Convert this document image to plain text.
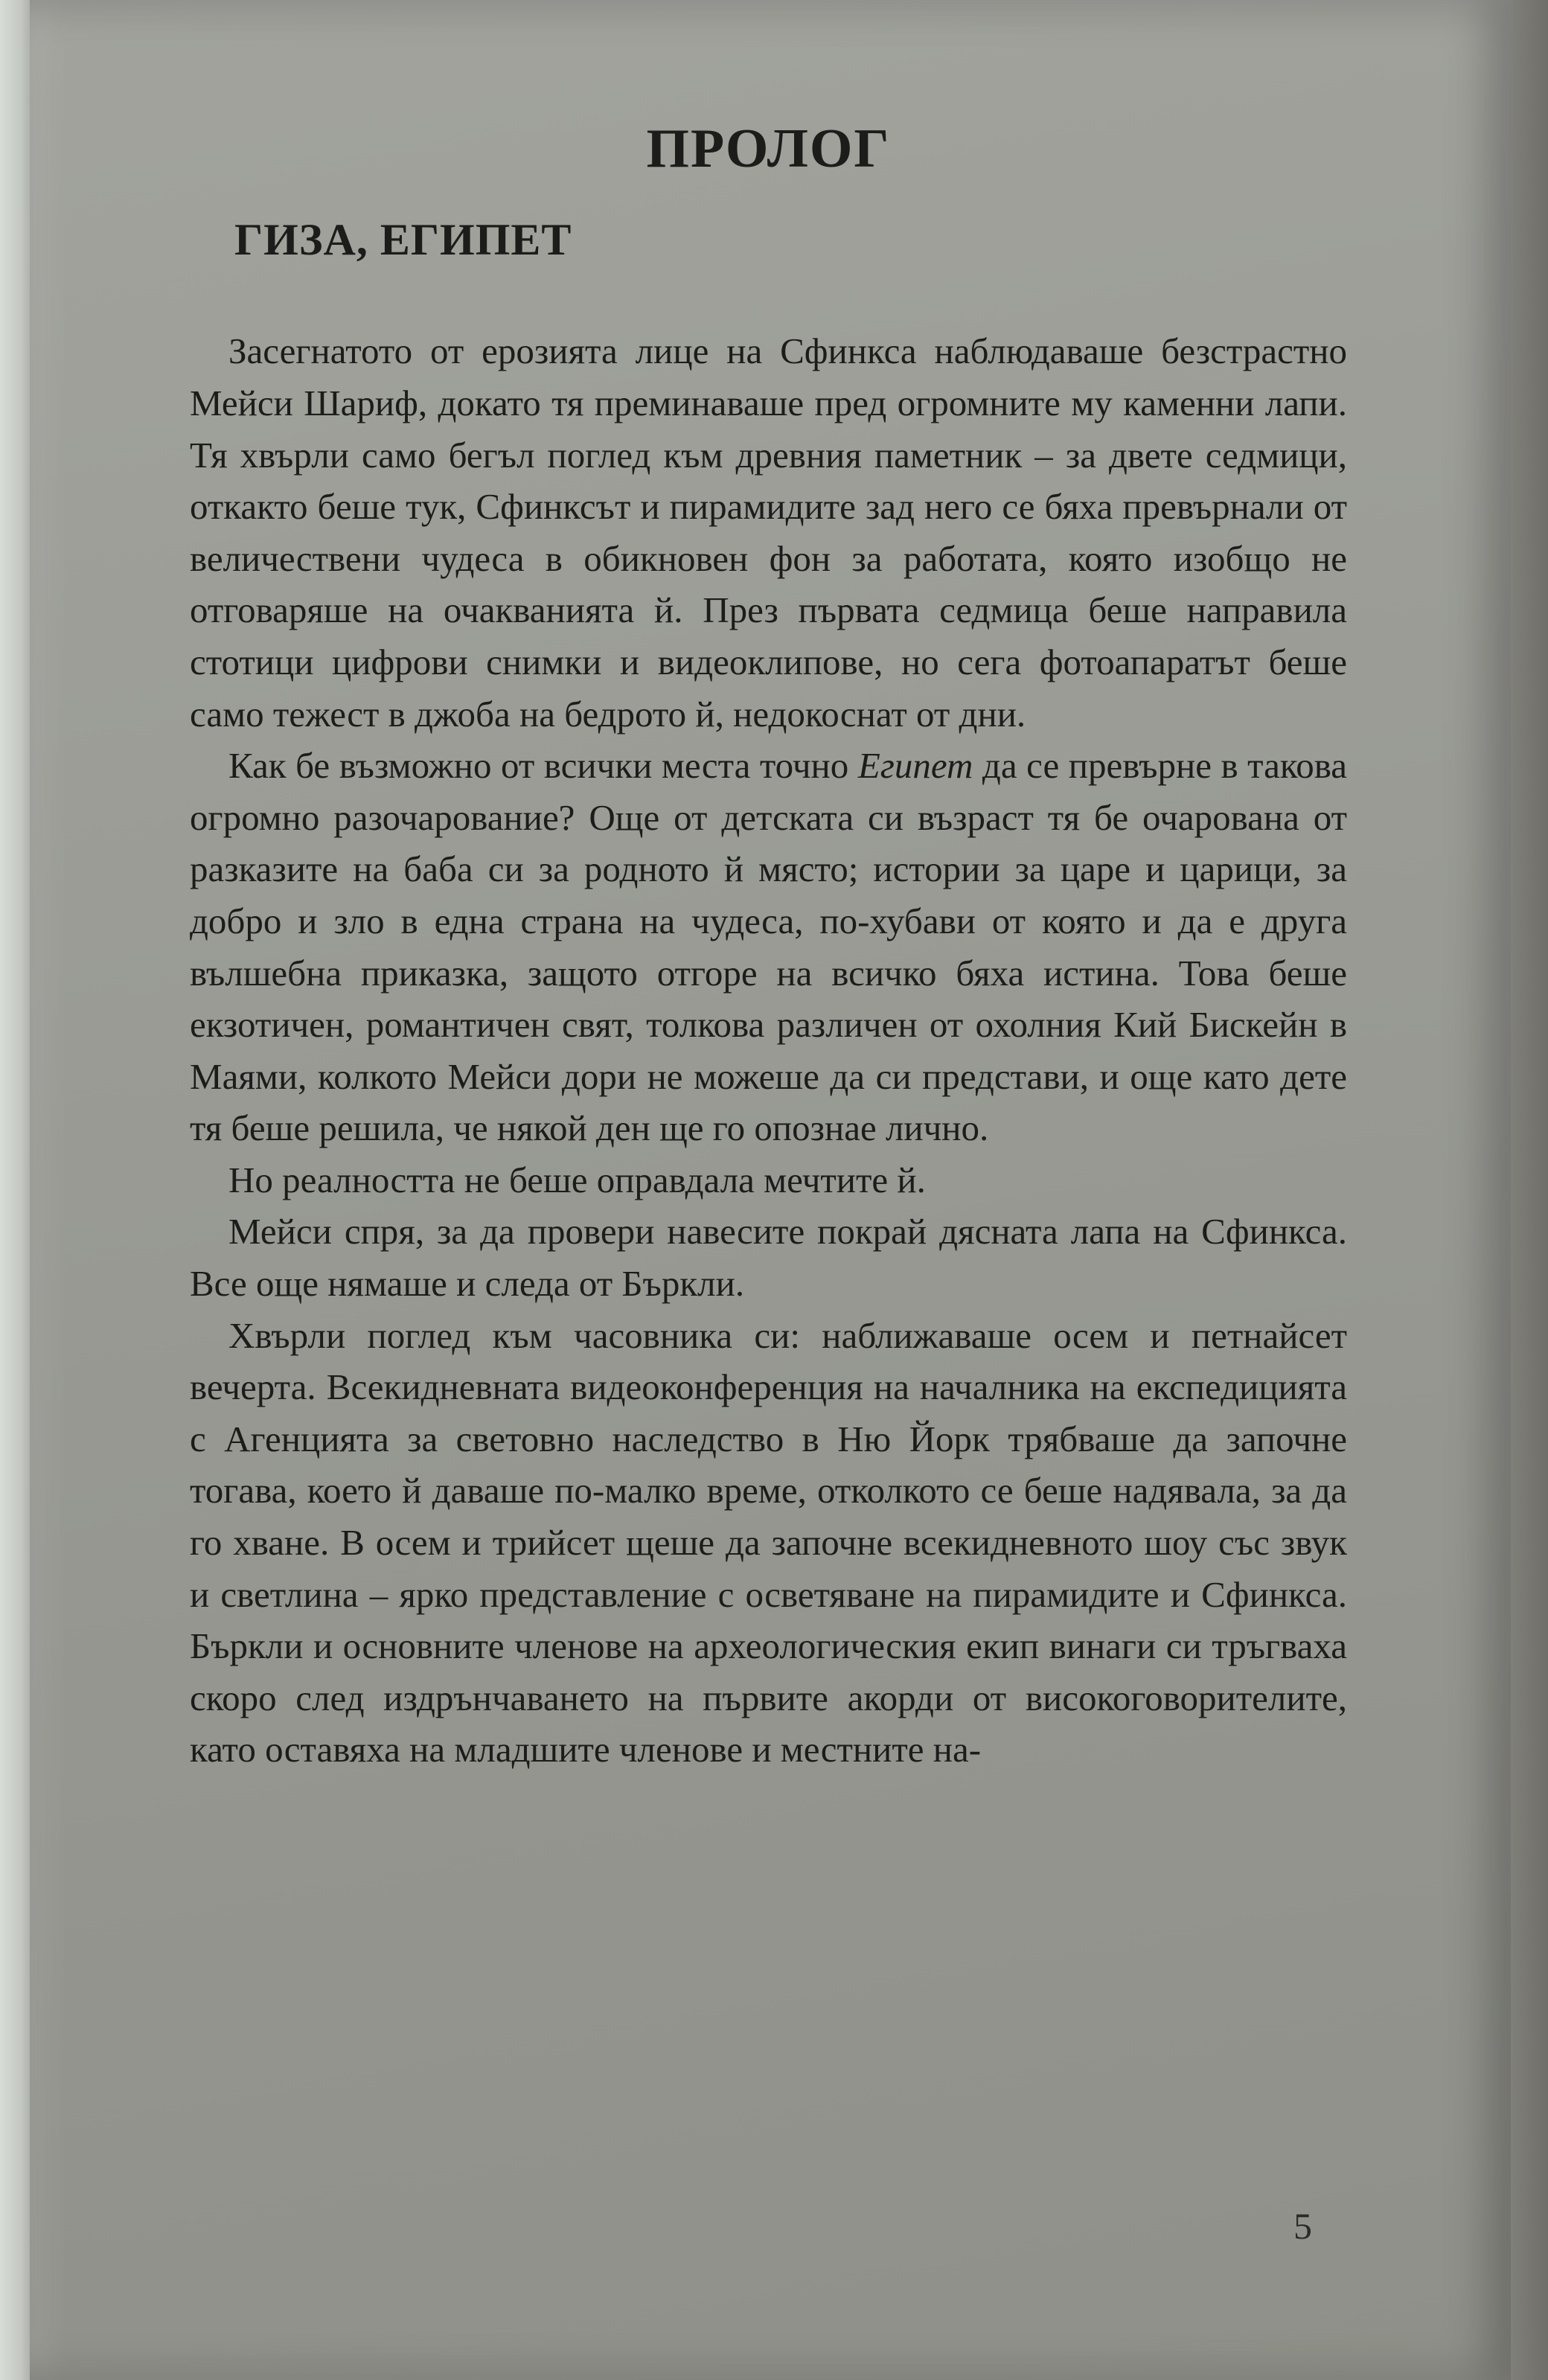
ПРОЛОГ
ГИЗА, ЕГИПЕТ

Засегнатото от ерозията лице на Сфинкса наблюдаваше безстрастно Мейси Шариф, докато тя преминаваше пред огромните му каменни лапи. Тя хвърли само бегъл поглед към древния паметник – за двете седмици, откакто беше тук, Сфинксът и пирамидите зад него се бяха превърнали от величествени чудеса в обикновен фон за работата, която изобщо не отговаряше на очакванията й. През първата седмица беше направила стотици цифрови снимки и видеоклипове, но сега фотоапаратът беше само тежест в джоба на бедрото й, недокоснат от дни.

Как бе възможно от всички места точно Египет да се превърне в такова огромно разочарование? Още от детската си възраст тя бе очарована от разказите на баба си за родното й място; истории за царе и царици, за добро и зло в една страна на чудеса, по-хубави от която и да е друга вълшебна приказка, защото отгоре на всичко бяха истина. Това беше екзотичен, романтичен свят, толкова различен от охолния Кий Бискейн в Маями, колкото Мейси дори не можеше да си представи, и още като дете тя беше решила, че някой ден ще го опознае лично.

Но реалността не беше оправдала мечтите й.

Мейси спря, за да провери навесите покрай дясната лапа на Сфинкса. Все още нямаше и следа от Бъркли.

Хвърли поглед към часовника си: наближаваше осем и петнайсет вечерта. Всекидневната видеоконференция на началника на експедицията с Агенцията за световно наследство в Ню Йорк трябваше да започне тогава, което й даваше по-малко време, отколкото се беше надявала, за да го хване. В осем и трийсет щеше да започне всекидневното шоу със звук и светлина – ярко представление с осветяване на пирамидите и Сфинкса. Бъркли и основните членове на археологическия екип винаги си тръгваха скоро след издрънчаването на първите акорди от високоговорителите, като оставяха на младшите членове и местните на-

5
